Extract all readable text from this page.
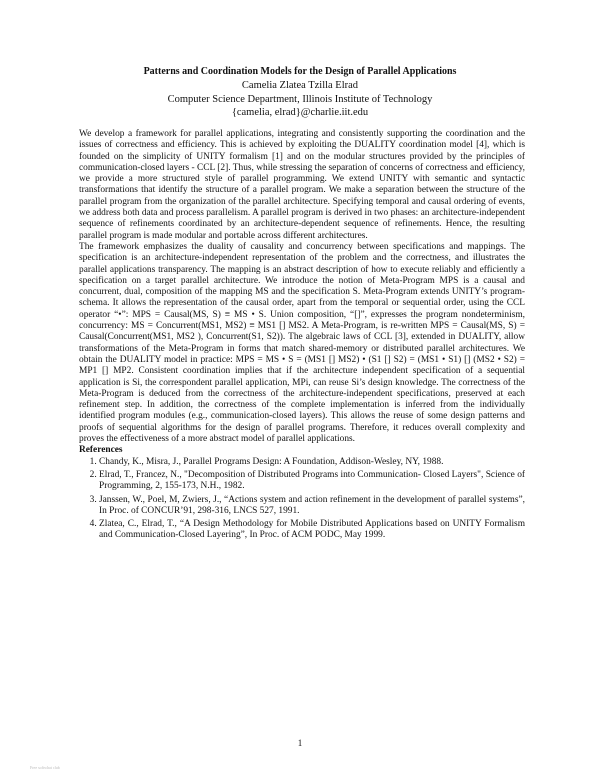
Patterns and Coordination Models for the Design of Parallel Applications
Camelia Zlatea Tzilla Elrad
Computer Science Department, Illinois Institute of Technology
{camelia, elrad}@charlie.iit.edu

We develop a framework for parallel applications, integrating and consistently supporting the coordination and the issues of correctness and efficiency. This is achieved by exploiting the DUALITY coordination model [4], which is founded on the simplicity of UNITY formalism [1] and on the modular structures provided by the principles of communication-closed layers - CCL [2]. Thus, while stressing the separation of concerns of correctness and efficiency, we provide a more structured style of parallel programming. We extend UNITY with semantic and syntactic transformations that identify the structure of a parallel program. We make a separation between the structure of the parallel program from the organization of the parallel architecture. Specifying temporal and causal ordering of events, we address both data and process parallelism. A parallel program is derived in two phases: an architecture-independent sequence of refinements coordinated by an architecture-dependent sequence of refinements. Hence, the resulting parallel program is made modular and portable across different architectures.

The framework emphasizes the duality of causality and concurrency between specifications and mappings. The specification is an architecture-independent representation of the problem and the correctness, and illustrates the parallel applications transparency. The mapping is an abstract description of how to execute reliably and efficiently a specification on a target parallel architecture. We introduce the notion of Meta-Program MPS is a causal and concurrent, dual, composition of the mapping MS and the specification S. Meta-Program extends UNITY’s program-schema. It allows the representation of the causal order, apart from the temporal or sequential order, using the CCL operator “•”: MPS = Causal(MS, S) ≡ MS • S. Union composition, “[]”, expresses the program nondeterminism, concurrency: MS = Concurrent(MS1, MS2) ≡ MS1 [] MS2. A Meta-Program, is re-written MPS = Causal(MS, S) = Causal(Concurrent(MS1, MS2 ), Concurrent(S1, S2)). The algebraic laws of CCL [3], extended in DUALITY, allow transformations of the Meta-Program in forms that match shared-memory or distributed parallel architectures. We obtain the DUALITY model in practice: MPS = MS • S = (MS1 [] MS2) • (S1 [] S2) = (MS1 • S1) [] (MS2 • S2) = MP1 [] MP2. Consistent coordination implies that if the architecture independent specification of a sequential application is Si, the correspondent parallel application, MPi, can reuse Si’s design knowledge. The correctness of the Meta-Program is deduced from the correctness of the architecture-independent specifications, preserved at each refinement step. In addition, the correctness of the complete implementation is inferred from the individually identified program modules (e.g., communication-closed layers). This allows the reuse of some design patterns and proofs of sequential algorithms for the design of parallel programs. Therefore, it reduces overall complexity and proves the effectiveness of a more abstract model of parallel applications.

References

1. Chandy, K., Misra, J., Parallel Programs Design: A Foundation, Addison-Wesley, NY, 1988.
2. Elrad, T., Francez, N., "Decomposition of Distributed Programs into Communication- Closed Layers", Science of Programming, 2, 155-173, N.H., 1982.
3. Janssen, W., Poel, M, Zwiers, J., “Actions system and action refinement in the development of parallel systems”, In Proc. of CONCUR’91, 298-316, LNCS 527, 1991.
4. Zlatea, C., Elrad, T., “A Design Methodology for Mobile Distributed Applications based on UNITY Formalism and Communication-Closed Layering”, In Proc. of ACM PODC, May 1999.
1
Free softwhat club
